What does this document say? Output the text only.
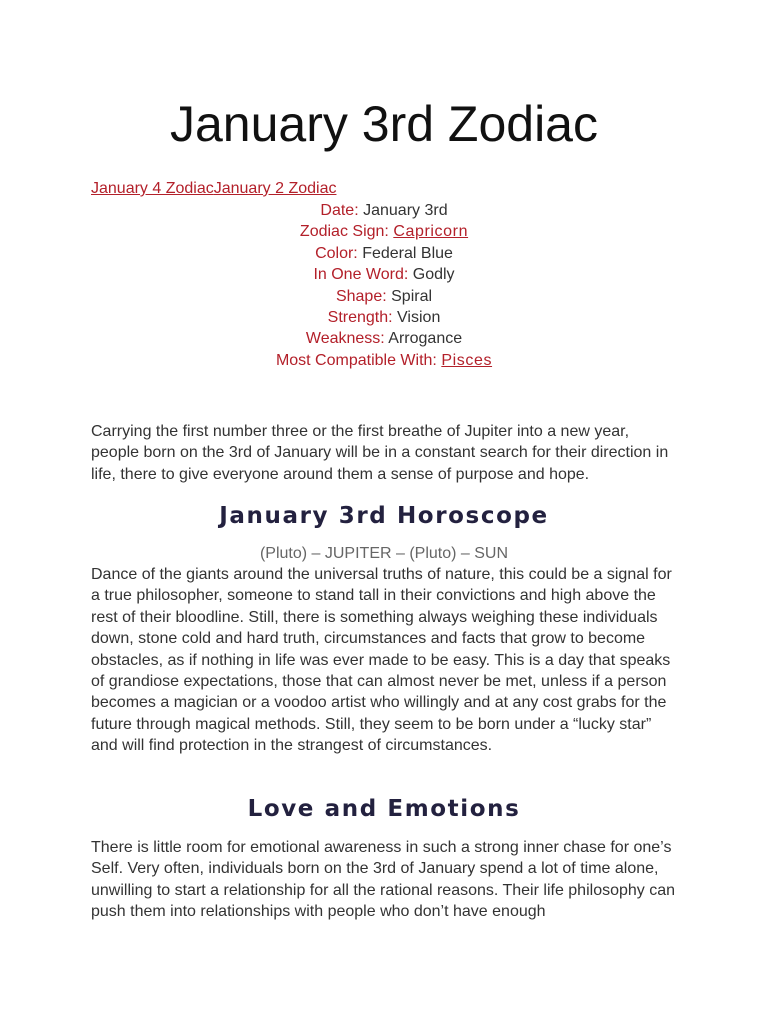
January 3rd Zodiac
January 4 ZodiacJanuary 2 Zodiac

Date: January 3rd

Zodiac Sign: Capricorn

Color: Federal Blue

In One Word: Godly

Shape: Spiral

Strength: Vision

Weakness: Arrogance

Most Compatible With: Pisces

Carrying the first number three or the first breathe of Jupiter into a new year, people born on the 3rd of January will be in a constant search for their direction in life, there to give everyone around them a sense of purpose and hope.

January 3rd Horoscope

(Pluto) – JUPITER – (Pluto) – SUN

Dance of the giants around the universal truths of nature, this could be a signal for a true philosopher, someone to stand tall in their convictions and high above the rest of their bloodline. Still, there is something always weighing these individuals down, stone cold and hard truth, circumstances and facts that grow to become obstacles, as if nothing in life was ever made to be easy. This is a day that speaks of grandiose expectations, those that can almost never be met, unless if a person becomes a magician or a voodoo artist who willingly and at any cost grabs for the future through magical methods. Still, they seem to be born under a “lucky star” and will find protection in the strangest of circumstances.

Love and Emotions

There is little room for emotional awareness in such a strong inner chase for one’s Self. Very often, individuals born on the 3rd of January spend a lot of time alone, unwilling to start a relationship for all the rational reasons. Their life philosophy can push them into relationships with people who don’t have enough
